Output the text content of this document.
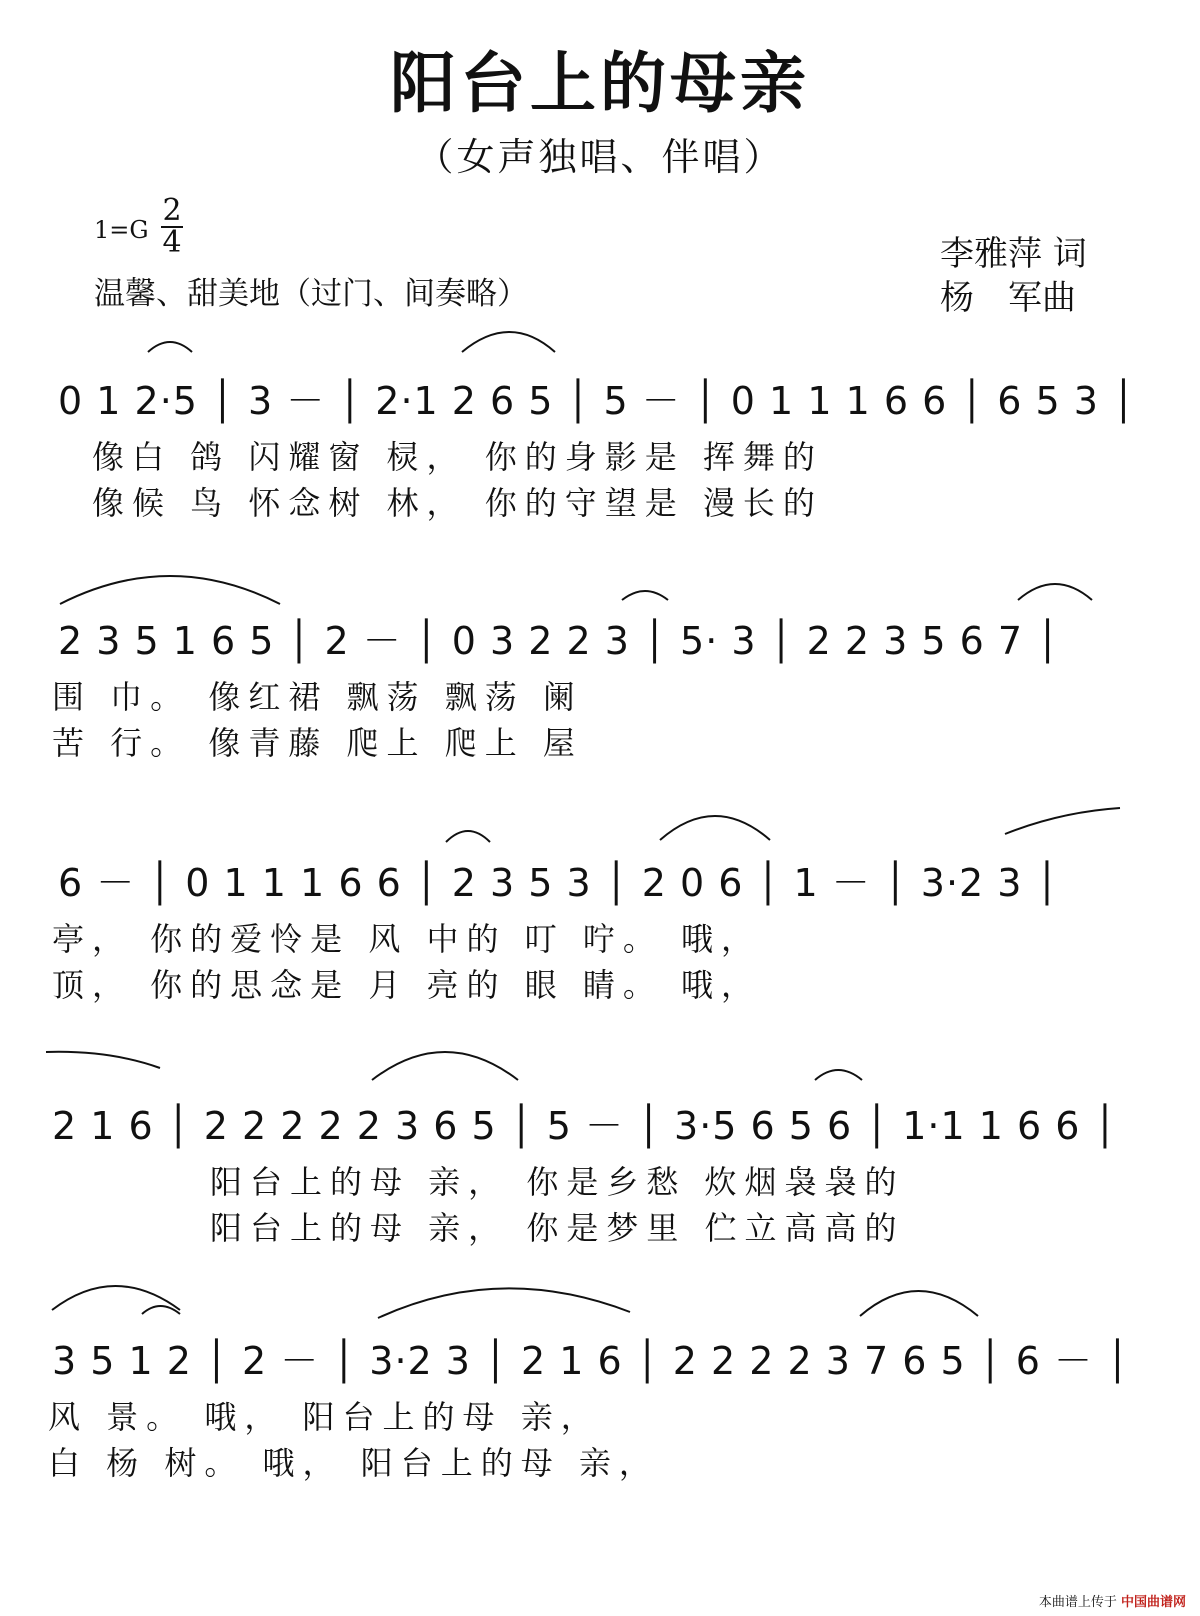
阳台上的母亲
（女声独唱、伴唱）
1=G
2
4
温馨、甜美地（过门、间奏略）
李雅萍 词
杨　军曲
0 1 2·5 │ 3 － │ 2·1 2 6 5 │ 5 － │ 0 1 1 1 6 6 │ 6 5 3 │
像白 鸽 闪耀窗 棂， 你的身影是 挥舞的
像候 鸟 怀念树 林， 你的守望是 漫长的
2 3 5 1 6 5 │ 2 － │ 0 3 2 2 3 │ 5· 3 │ 2 2 3 5 6 7 │
围 巾。 像红裙 飘荡 飘荡 阑
苦 行。 像青藤 爬上 爬上 屋
6 － │ 0 1 1 1 6 6 │ 2 3 5 3 │ 2 0 6 │ 1 － │ 3·2 3 │
亭， 你的爱怜是 风 中的 叮 咛。 哦，
顶， 你的思念是 月 亮的 眼 睛。 哦，
2 1 6 │ 2 2 2 2 2 3 6 5 │ 5 － │ 3·5 6 5 6 │ 1·1 1 6 6 │
阳台上的母 亲， 你是乡愁 炊烟袅袅的
阳台上的母 亲， 你是梦里 伫立高高的
3 5 1 2 │ 2 － │ 3·2 3 │ 2 1 6 │ 2 2 2 2 3 7 6 5 │ 6 － │
风 景。 哦， 阳台上的母 亲，
白 杨 树。 哦， 阳台上的母 亲，
本曲谱上传于 中国曲谱网
